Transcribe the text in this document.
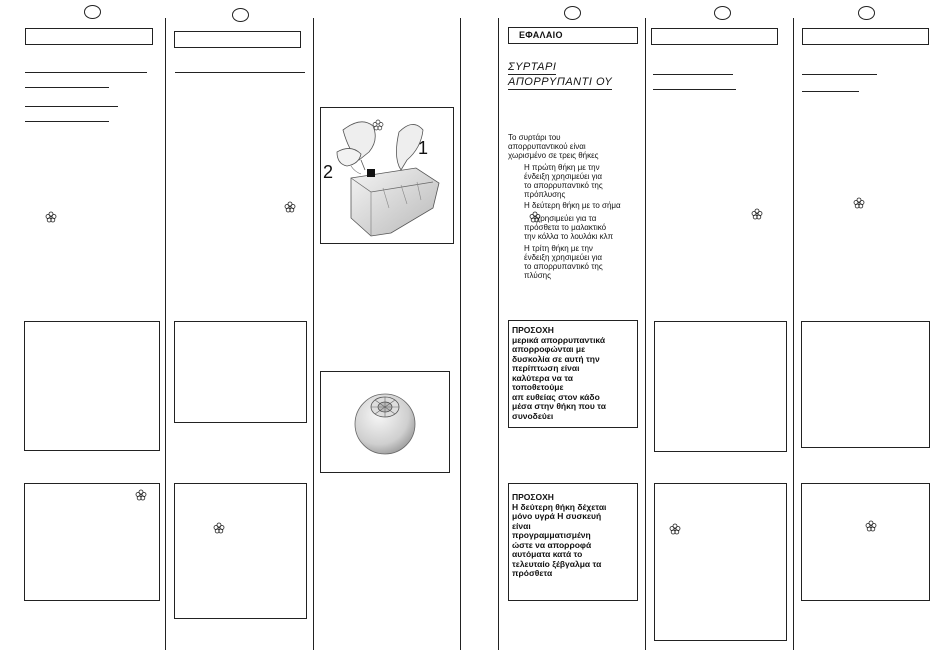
ΕΦΑΛΑΙΟ
ΣΥΡΤΑΡΙ
ΑΠΟΡΡΥΠΑΝΤΙ ΟΥ
Το συρτάρι του
απορρυπαντικού είναι
χωρισμένο σε τρεις θήκες
Η πρώτη θήκη με την
ένδειξη χρησιμεύει για
το απορρυπαντικό της
πρόπλυσης
Η δεύτερη θήκη με το σήμα
χρησιμεύει για τα
πρόσθετα το μαλακτικό
την κόλλα το λουλάκι κλπ
Η τρίτη θήκη με την
ένδειξη χρησιμεύει για
το απορρυπαντικό της
πλύσης
1
2
ΠΡΟΣΟΧΗ
μερικά απορρυπαντικά
απορροφώνται με
δυσκολία σε αυτή την
περίπτωση είναι
καλύτερα να τα
τοποθετούμε
απ ευθείας στον κάδο
μέσα στην θήκη που τα
συνοδεύει
ΠΡΟΣΟΧΗ
Η δεύτερη θήκη δέχεται
μόνο υγρά Η συσκευή
είναι
προγραμματισμένη
ώστε να απορροφά
αυτόματα κατά το
τελευταίο ξέβγαλμα τα
πρόσθετα
